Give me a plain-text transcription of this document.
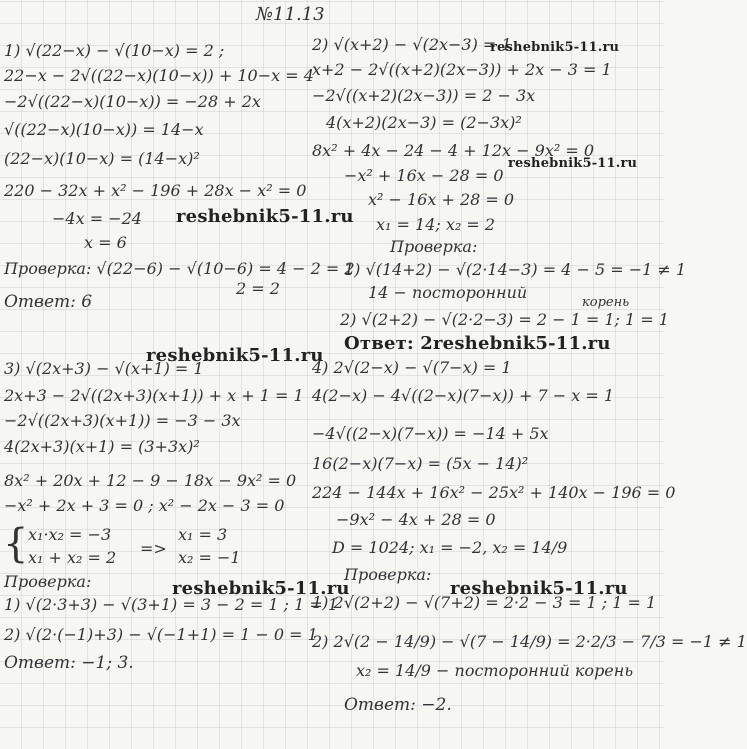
№11.13
1) √(22−x) − √(10−x) = 2 ;
22−x − 2√((22−x)(10−x)) + 10−x = 4
−2√((22−x)(10−x)) = −28 + 2x
√((22−x)(10−x)) = 14−x
(22−x)(10−x) = (14−x)²
220 − 32x + x² − 196 + 28x − x² = 0
−4x = −24
x = 6
Проверка: √(22−6) − √(10−6) = 4 − 2 = 2
2 = 2
Ответ: 6
2) √(x+2) − √(2x−3) = 1
x+2 − 2√((x+2)(2x−3)) + 2x − 3 = 1
−2√((x+2)(2x−3)) = 2 − 3x
4(x+2)(2x−3) = (2−3x)²
8x² + 4x − 24 − 4 + 12x − 9x² = 0
−x² + 16x − 28 = 0
x² − 16x + 28 = 0
x₁ = 14; x₂ = 2
Проверка:
1) √(14+2) − √(2·14−3) = 4 − 5 = −1 ≠ 1
14 − посторонний
корень
2) √(2+2) − √(2·2−3) = 2 − 1 = 1; 1 = 1
3) √(2x+3) − √(x+1) = 1
2x+3 − 2√((2x+3)(x+1)) + x + 1 = 1
−2√((2x+3)(x+1)) = −3 − 3x
4(2x+3)(x+1) = (3+3x)²
8x² + 20x + 12 − 9 − 18x − 9x² = 0
−x² + 2x + 3 = 0 ; x² − 2x − 3 = 0
{ x₁·x₂ = −3
x₁ + x₂ = 2 =>
x₁ = 3
x₂ = −1
Проверка:
1) √(2·3+3) − √(3+1) = 3 − 2 = 1 ; 1 = 1
2) √(2·(−1)+3) − √(−1+1) = 1 − 0 = 1
Ответ: −1; 3.
4) 2√(2−x) − √(7−x) = 1
4(2−x) − 4√((2−x)(7−x)) + 7 − x = 1
−4√((2−x)(7−x)) = −14 + 5x
16(2−x)(7−x) = (5x − 14)²
224 − 144x + 16x² − 25x² + 140x − 196 = 0
−9x² − 4x + 28 = 0
D = 1024; x₁ = −2, x₂ = 14/9
Проверка:
1) 2√(2+2) − √(7+2) = 2·2 − 3 = 1 ; 1 = 1
2) 2√(2 − 14/9) − √(7 − 14/9) = 2·2/3 − 7/3 = −1 ≠ 1
x₂ = 14/9 − посторонний корень
Ответ: −2.
reshebnik5-11.ru
reshebnik5-11.ru
reshebnik5-11.ru
reshebnik5-11.ru
Ответ: 2reshebnik5-11.ru
reshebnik5-11.ru	reshebnik5-11.ru
